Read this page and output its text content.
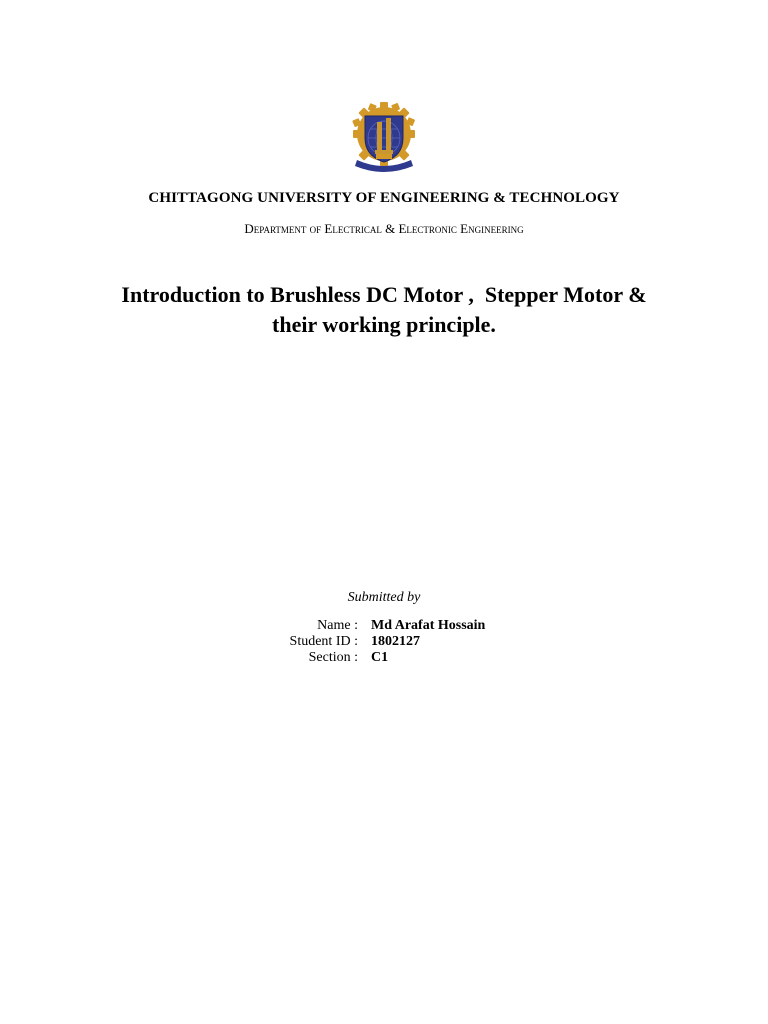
CHITTAGONG UNIVERSITY OF ENGINEERING & TECHNOLOGY
Department of Electrical & Electronic Engineering
Introduction to Brushless DC Motor ,  Stepper Motor &
their working principle.
Submitted by
Name : Md Arafat Hossain
Student ID : 1802127
Section : C1
